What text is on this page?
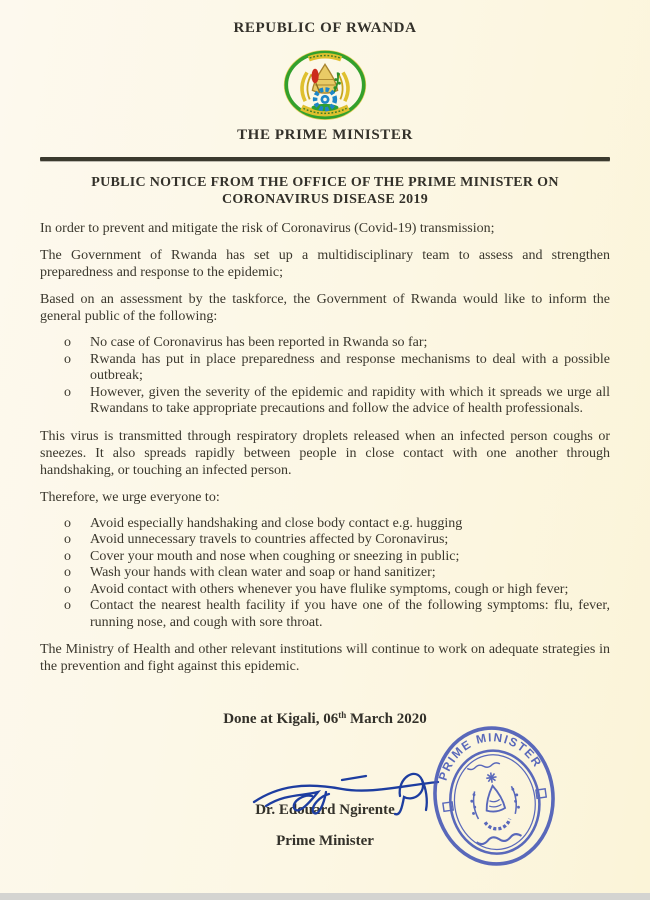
REPUBLIC OF RWANDA
THE PRIME MINISTER
PUBLIC NOTICE FROM THE OFFICE OF THE PRIME MINISTER ON CORONAVIRUS DISEASE 2019

In order to prevent and mitigate the risk of Coronavirus (Covid-19) transmission;

The Government of Rwanda has set up a multidisciplinary team to assess and strengthen preparedness and response to the epidemic;

Based on an assessment by the taskforce, the Government of Rwanda would like to inform the general public of the following:

o	No case of Coronavirus has been reported in Rwanda so far;
o	Rwanda has put in place preparedness and response mechanisms to deal with a possible outbreak;
o	However, given the severity of the epidemic and rapidity with which it spreads we urge all Rwandans to take appropriate precautions and follow the advice of health professionals.

This virus is transmitted through respiratory droplets released when an infected person coughs or sneezes. It also spreads rapidly between people in close contact with one another through handshaking, or touching an infected person.

Therefore, we urge everyone to:

o	Avoid especially handshaking and close body contact e.g. hugging
o	Avoid unnecessary travels to countries affected by Coronavirus;
o	Cover your mouth and nose when coughing or sneezing in public;
o	Wash your hands with clean water and soap or hand sanitizer;
o	Avoid contact with others whenever you have flulike symptoms, cough or high fever;
o	Contact the nearest health facility if you have one of the following symptoms: flu, fever, running nose, and cough with sore throat.

The Ministry of Health and other relevant institutions will continue to work on adequate strategies in the prevention and fight against this epidemic.

Done at Kigali, 06th March 2020
PRIME MINISTER
Dr. Edouard Ngirente
Prime Minister
